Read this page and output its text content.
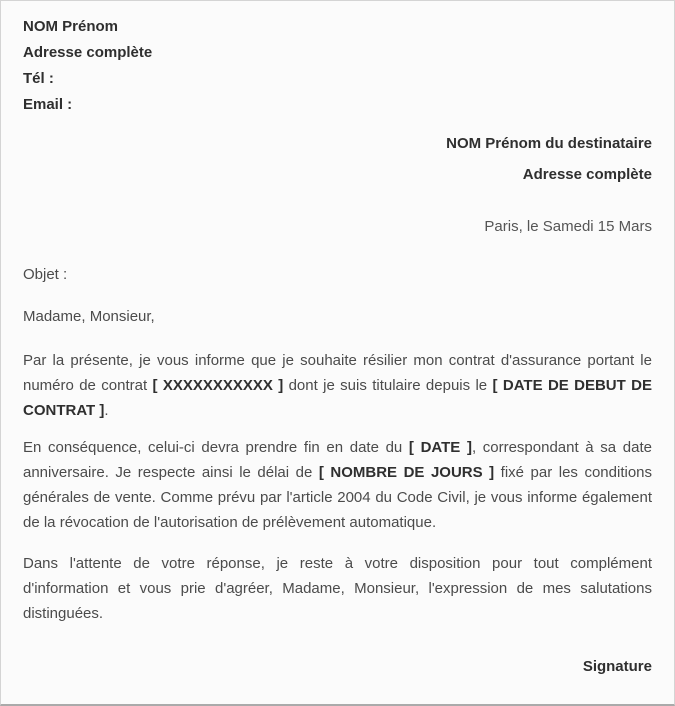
NOM Prénom
Adresse complète
Tél :
Email :
NOM Prénom du destinataire
Adresse complète
Paris, le Samedi 15 Mars
Objet :
Madame, Monsieur,
Par la présente, je vous informe que je souhaite résilier mon contrat d'assurance portant le numéro de contrat [ XXXXXXXXXXX ] dont je suis titulaire depuis le [ DATE DE DEBUT DE CONTRAT ].
En conséquence, celui-ci devra prendre fin en date du [ DATE ], correspondant à sa date anniversaire. Je respecte ainsi le délai de [ NOMBRE DE JOURS ] fixé par les conditions générales de vente. Comme prévu par l'article 2004 du Code Civil, je vous informe également de la révocation de l'autorisation de prélèvement automatique.
Dans l'attente de votre réponse, je reste à votre disposition pour tout complément d'information et vous prie d'agréer, Madame, Monsieur, l'expression de mes salutations distinguées.
Signature
